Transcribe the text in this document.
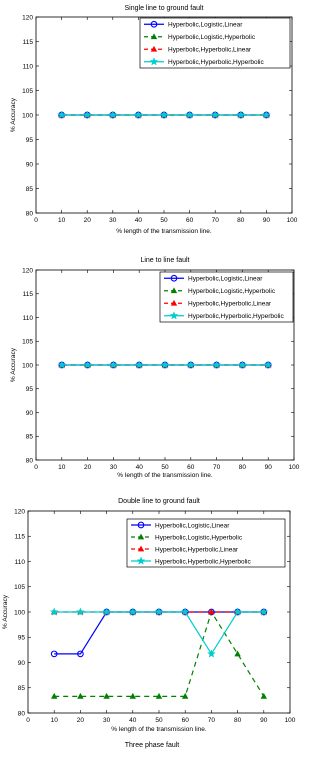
Single line to ground fault
0	10	20	30	40	50	60	70	80	90	100
80
85
90
95
100
105
110
115
120
% length of the transmission line.
% Accuracy
Hyperbolic,Logistic,Linear
Hyperbolic,Logistic,Hyperbolic
Hyperbolic,Hyperbolic,Linear
Hyperbolic,Hyperbolic,Hyperbolic
Line to line fault
0	10	20	30	40	50	60	70	80	90	100
80
85
90
95
100
105
110
115
120
% length of the transmission line.
% Accuracy
Hyperbolic,Logistic,Linear
Hyperbolic,Logistic,Hyperbolic
Hyperbolic,Hyperbolic,Linear
Hyperbolic,Hyperbolic,Hyperbolic
Double line to ground fault
0	10	20	30	40	50	60	70	80	90	100
80
85
90
95
100
105
110
115
120
% length of the transmission line.
% Accuracy
Hyperbolic,Logistic,Linear
Hyperbolic,Logistic,Hyperbolic
Hyperbolic,Hyperbolic,Linear
Hyperbolic,Hyperbolic,Hyperbolic
Three phase fault
